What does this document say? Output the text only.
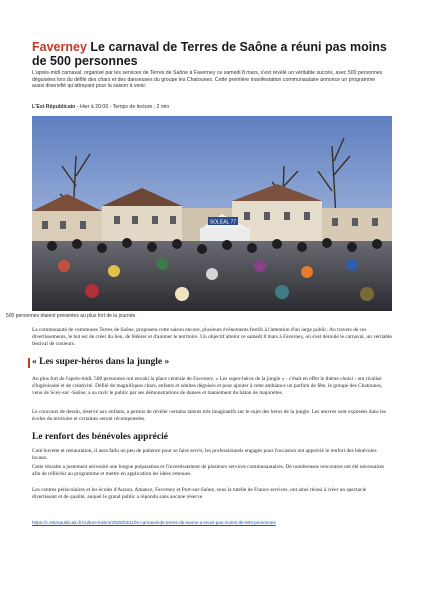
Faverney Le carnaval de Terres de Saône a réuni pas moins de 500 personnes
L'après-midi carnaval, organisé par les services de Terres de Saône à Faverney ce samedi 8 mars, s'est révélé un véritable succès, avec 500 personnes déguisées lors du défilé des chars et des danseuses du groupe les Chatounes. Cette première manifestation communautaire annonce un programme aussi diversifié qu'attrayant pour la saison à venir.
L'Est Républicain - Hier à 20:00 - Temps de lecture : 2 min
SOLEAL 77
500 personnes étaient présentes au plus fort de la journée.
La communauté de communes Terres de Saône, proposera cette saison encore, plusieurs événements festifs à l'attention d'un large public. Au travers de ces divertissements, le but est de créer du lien, de fédérer et d'animer le territoire. Un objectif atteint ce samedi 8 mars à Faverney, où s'est déroulé le carnaval, un véritable festival de couleurs.
« Les super-héros dans la jungle »
Au plus fort de l'après-midi, 500 personnes ont envahi la place centrale de Faverney. « Les super-héros de la jungle » - c'était en effet le thème choisi - ont rivalisé d'ingéniosité et de créativité. Défilé de magnifiques chars, enfants et adultes déguisés et pour ajouter à cette ambiance un parfum de fête, le groupe des Chatounes, venu de Scey-sur -Saône, a su ravir le public par ses démonstrations de danses et maniement du bâton de majorettes.
Le concours de dessin, réservé aux enfants, a permis de révéler certains talents très imaginatifs sur le sujet des héros de la jungle. Les œuvres sont exposées dans les écoles du territoire et certaines seront récompensées.
Le renfort des bénévoles apprécié
Coté buvette et restauration, il aura fallu un peu de patience pour se faire servir, les professionnels engagés pour l'occasion ont apprécié le renfort des bénévoles locaux.
Cette réussite a justement nécessité une longue préparation et l'investissement de plusieurs services communautaires. De nombreuses rencontres ont été nécessaires afin de réfléchir au programme et mettre en application les idées retenues.
Les centres périscolaires et les écoles d'Auxon, Amance, Faverney et Port-sur-Saône, sous la tutelle de France services, ont ainsi réussi à créer un spectacle divertissant et de qualité, auquel le grand public a répondu sans aucune réserve.
https://c.estrepublicain.fr/culture-loisirs/2025/03/11/le-carnaval-de-terres-de-saone-a-reuni-pas-moins-de-500-personnes
